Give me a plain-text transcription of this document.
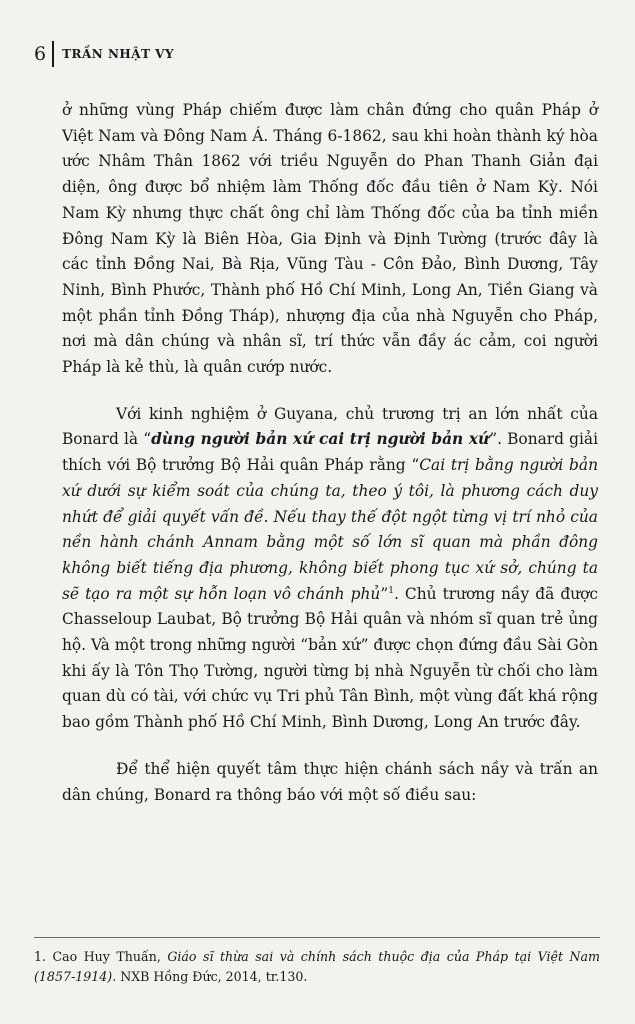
6 TRẦN NHẬT VY

ở những vùng Pháp chiếm được làm chân đứng cho quân Pháp ở Việt Nam và Đông Nam Á. Tháng 6-1862, sau khi hoàn thành ký hòa ước Nhâm Thân 1862 với triều Nguyễn do Phan Thanh Giản đại diện, ông được bổ nhiệm làm Thống đốc đầu tiên ở Nam Kỳ. Nói Nam Kỳ nhưng thực chất ông chỉ làm Thống đốc của ba tỉnh miền Đông Nam Kỳ là Biên Hòa, Gia Định và Định Tường (trước đây là các tỉnh Đồng Nai, Bà Rịa, Vũng Tàu - Côn Đảo, Bình Dương, Tây Ninh, Bình Phước, Thành phố Hồ Chí Minh, Long An, Tiền Giang và một phần tỉnh Đồng Tháp), nhượng địa của nhà Nguyễn cho Pháp, nơi mà dân chúng và nhân sĩ, trí thức vẫn đầy ác cảm, coi người Pháp là kẻ thù, là quân cướp nước.

Với kinh nghiệm ở Guyana, chủ trương trị an lớn nhất của Bonard là “dùng người bản xứ cai trị người bản xứ”. Bonard giải thích với Bộ trưởng Bộ Hải quân Pháp rằng “Cai trị bằng người bản xứ dưới sự kiểm soát của chúng ta, theo ý tôi, là phương cách duy nhứt để giải quyết vấn đề. Nếu thay thế đột ngột từng vị trí nhỏ của nền hành chánh Annam bằng một số lớn sĩ quan mà phần đông không biết tiếng địa phương, không biết phong tục xứ sở, chúng ta sẽ tạo ra một sự hỗn loạn vô chánh phủ”$^1$. Chủ trương nầy đã được Chasseloup Laubat, Bộ trưởng Bộ Hải quân và nhóm sĩ quan trẻ ủng hộ. Và một trong những người “bản xứ” được chọn đứng đầu Sài Gòn khi ấy là Tôn Thọ Tường, người từng bị nhà Nguyễn từ chối cho làm quan dù có tài, với chức vụ Tri phủ Tân Bình, một vùng đất khá rộng bao gồm Thành phố Hồ Chí Minh, Bình Dương, Long An trước đây.

Để thể hiện quyết tâm thực hiện chánh sách nầy và trấn an dân chúng, Bonard ra thông báo với một số điều sau:

1. Cao Huy Thuấn, Giáo sĩ thừa sai và chính sách thuộc địa của Pháp tại Việt Nam (1857-1914). NXB Hồng Đức, 2014, tr.130.
